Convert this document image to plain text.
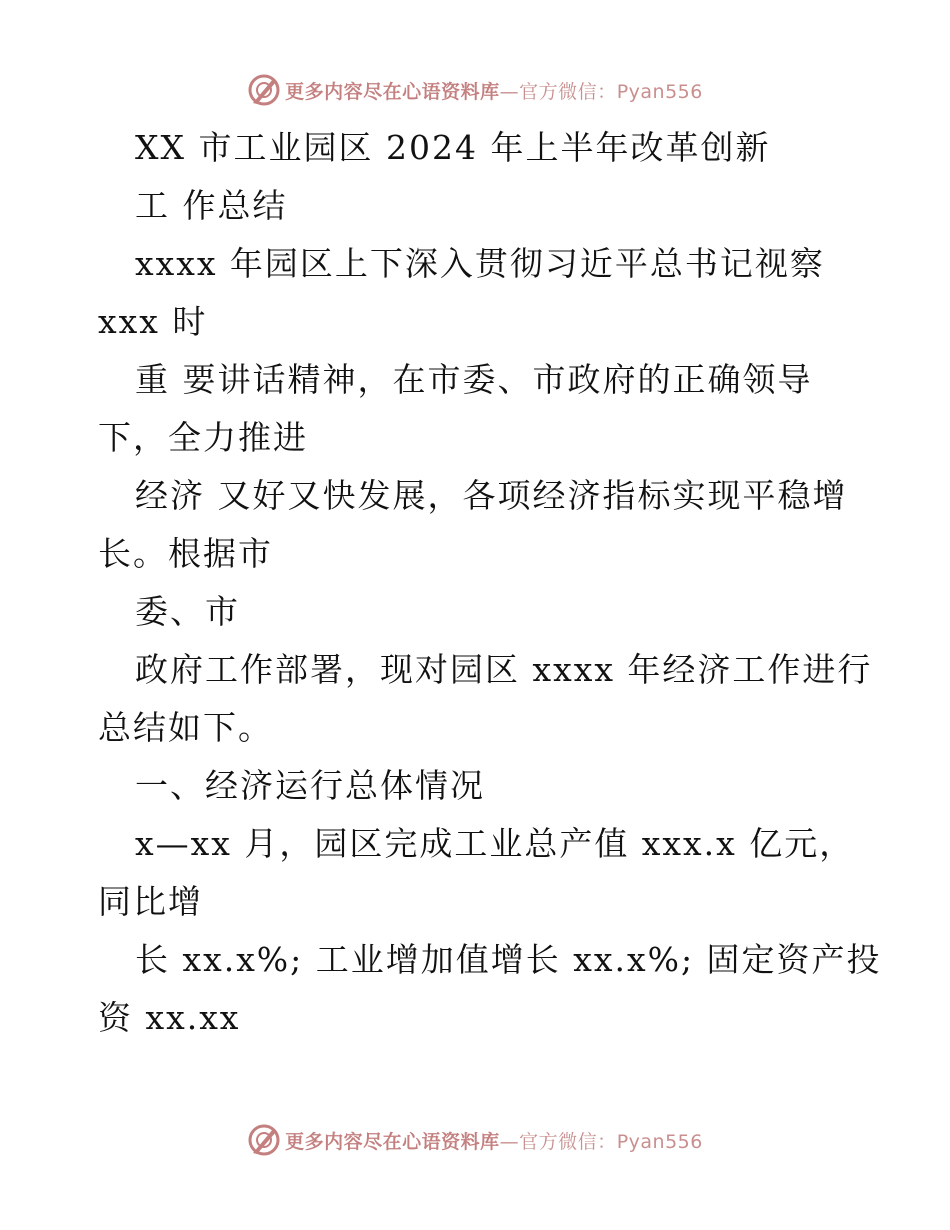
更多内容尽在心语资料库—官方微信：Pyan556
XX 市工业园区 2024 年上半年改革创新
工 作总结
xxxx 年园区上下深入贯彻习近平总书记视察
xxx 时
重 要讲话精神，在市委、市政府的正确领导
下，全力推进
经济 又好又快发展，各项经济指标实现平稳增
长。根据市
委、市
政府工作部署，现对园区 xxxx 年经济工作进行
总结如下。
一、经济运行总体情况
x—xx 月，园区完成工业总产值 xxx.x 亿元，
同比增
长 xx.x%; 工业增加值增长 xx.x%; 固定资产投
资 xx.xx
更多内容尽在心语资料库—官方微信：Pyan556
